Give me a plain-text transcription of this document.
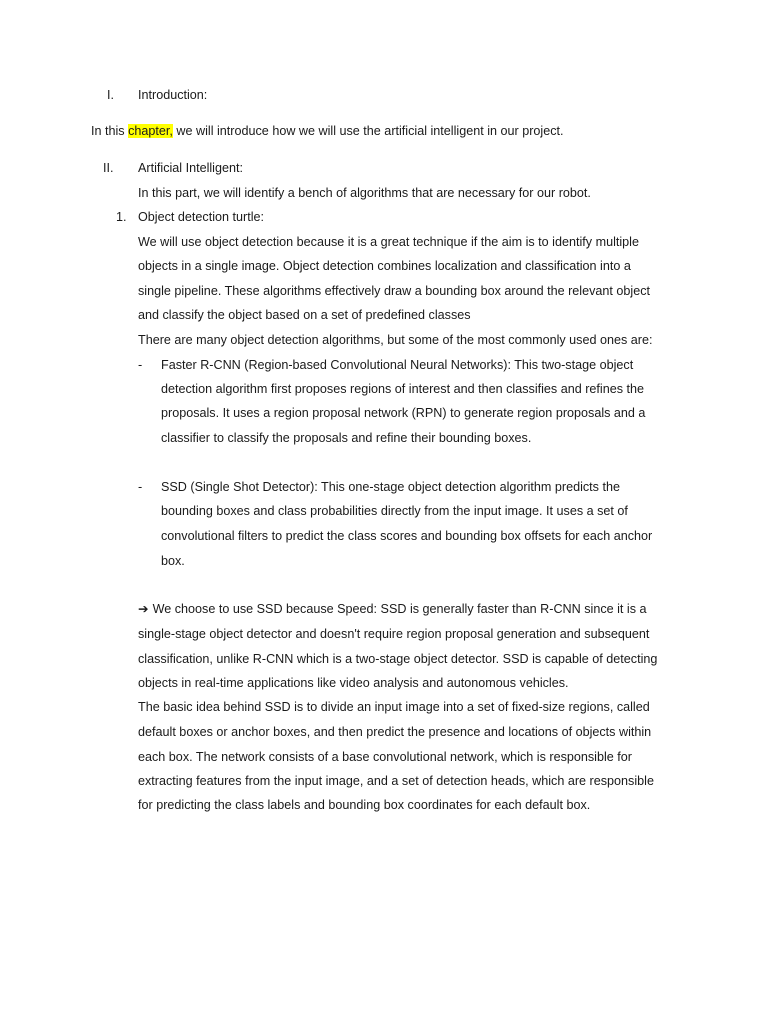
I. Introduction:
In this chapter, we will introduce how we will use the artificial intelligent in our project.
II. Artificial Intelligent:
In this part, we will identify a bench of algorithms that are necessary for our robot.
1. Object detection turtle:
We will use object detection because it is a great technique if the aim is to identify multiple
objects in a single image. Object detection combines localization and classification into a
single pipeline. These algorithms effectively draw a bounding box around the relevant object
and classify the object based on a set of predefined classes
There are many object detection algorithms, but some of the most commonly used ones are:
- Faster R-CNN (Region-based Convolutional Neural Networks): This two-stage object
detection algorithm first proposes regions of interest and then classifies and refines the
proposals. It uses a region proposal network (RPN) to generate region proposals and a
classifier to classify the proposals and refine their bounding boxes.
- SSD (Single Shot Detector): This one-stage object detection algorithm predicts the
bounding boxes and class probabilities directly from the input image. It uses a set of
convolutional filters to predict the class scores and bounding box offsets for each anchor
box.
➔ We choose to use SSD because Speed: SSD is generally faster than R-CNN since it is a
single-stage object detector and doesn't require region proposal generation and subsequent
classification, unlike R-CNN which is a two-stage object detector. SSD is capable of detecting
objects in real-time applications like video analysis and autonomous vehicles.
The basic idea behind SSD is to divide an input image into a set of fixed-size regions, called
default boxes or anchor boxes, and then predict the presence and locations of objects within
each box. The network consists of a base convolutional network, which is responsible for
extracting features from the input image, and a set of detection heads, which are responsible
for predicting the class labels and bounding box coordinates for each default box.
